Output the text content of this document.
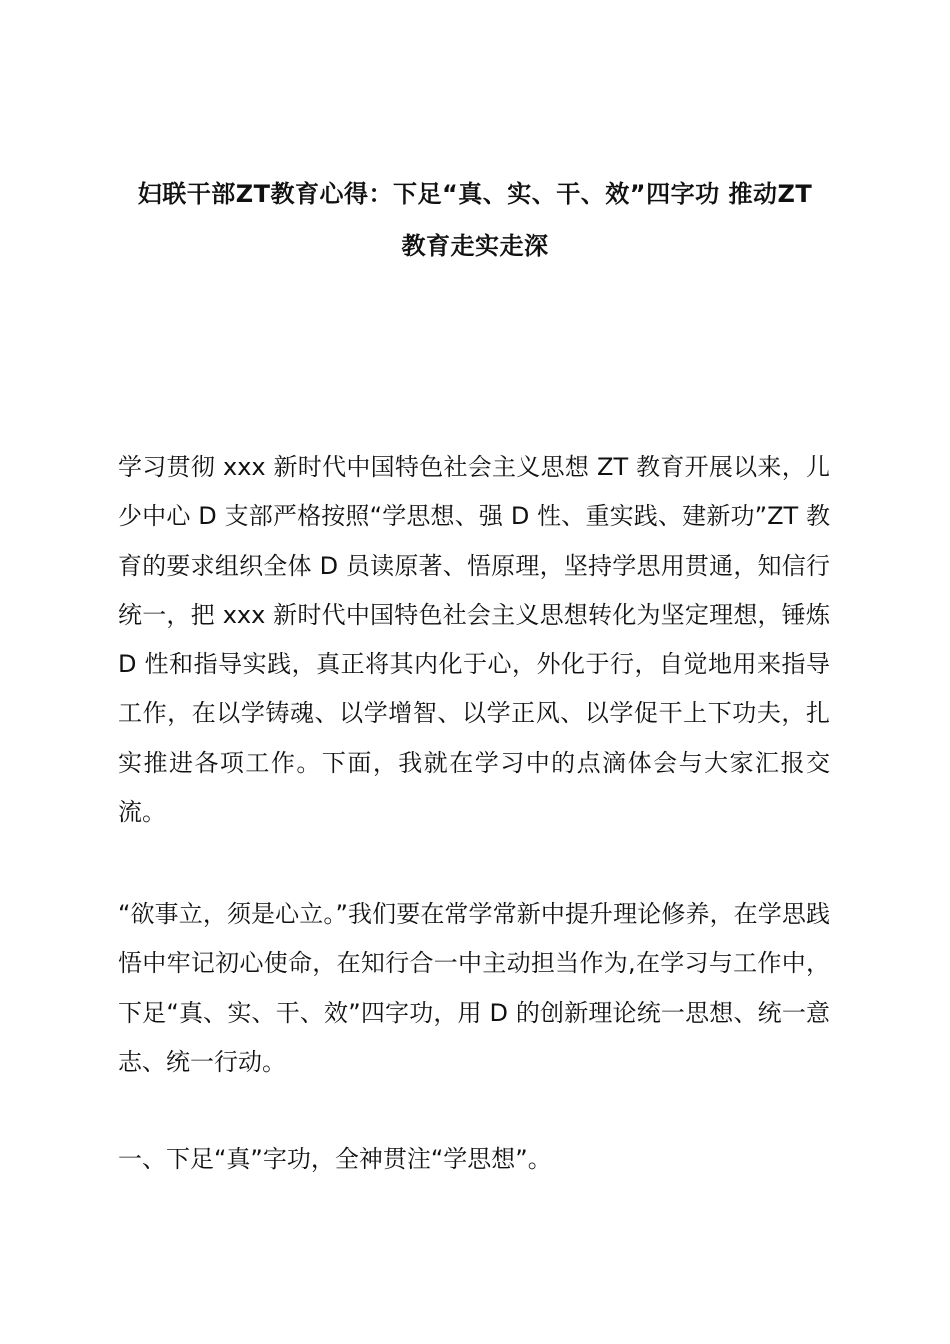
妇联干部ZT教育心得：下足“真、实、干、效”四字功 推动ZT
教育走实走深

学习贯彻 xxx 新时代中国特色社会主义思想 ZT 教育开展以来，儿少中心 D 支部严格按照“学思想、强 D 性、重实践、建新功”ZT 教育的要求组织全体 D 员读原著、悟原理，坚持学思用贯通，知信行统一，把 xxx 新时代中国特色社会主义思想转化为坚定理想，锤炼 D 性和指导实践，真正将其内化于心，外化于行，自觉地用来指导工作，在以学铸魂、以学增智、以学正风、以学促干上下功夫，扎实推进各项工作。下面，我就在学习中的点滴体会与大家汇报交流。

“欲事立，须是心立。”我们要在常学常新中提升理论修养，在学思践悟中牢记初心使命，在知行合一中主动担当作为,在学习与工作中，下足“真、实、干、效”四字功，用 D 的创新理论统一思想、统一意志、统一行动。

一、下足“真”字功，全神贯注“学思想”。
